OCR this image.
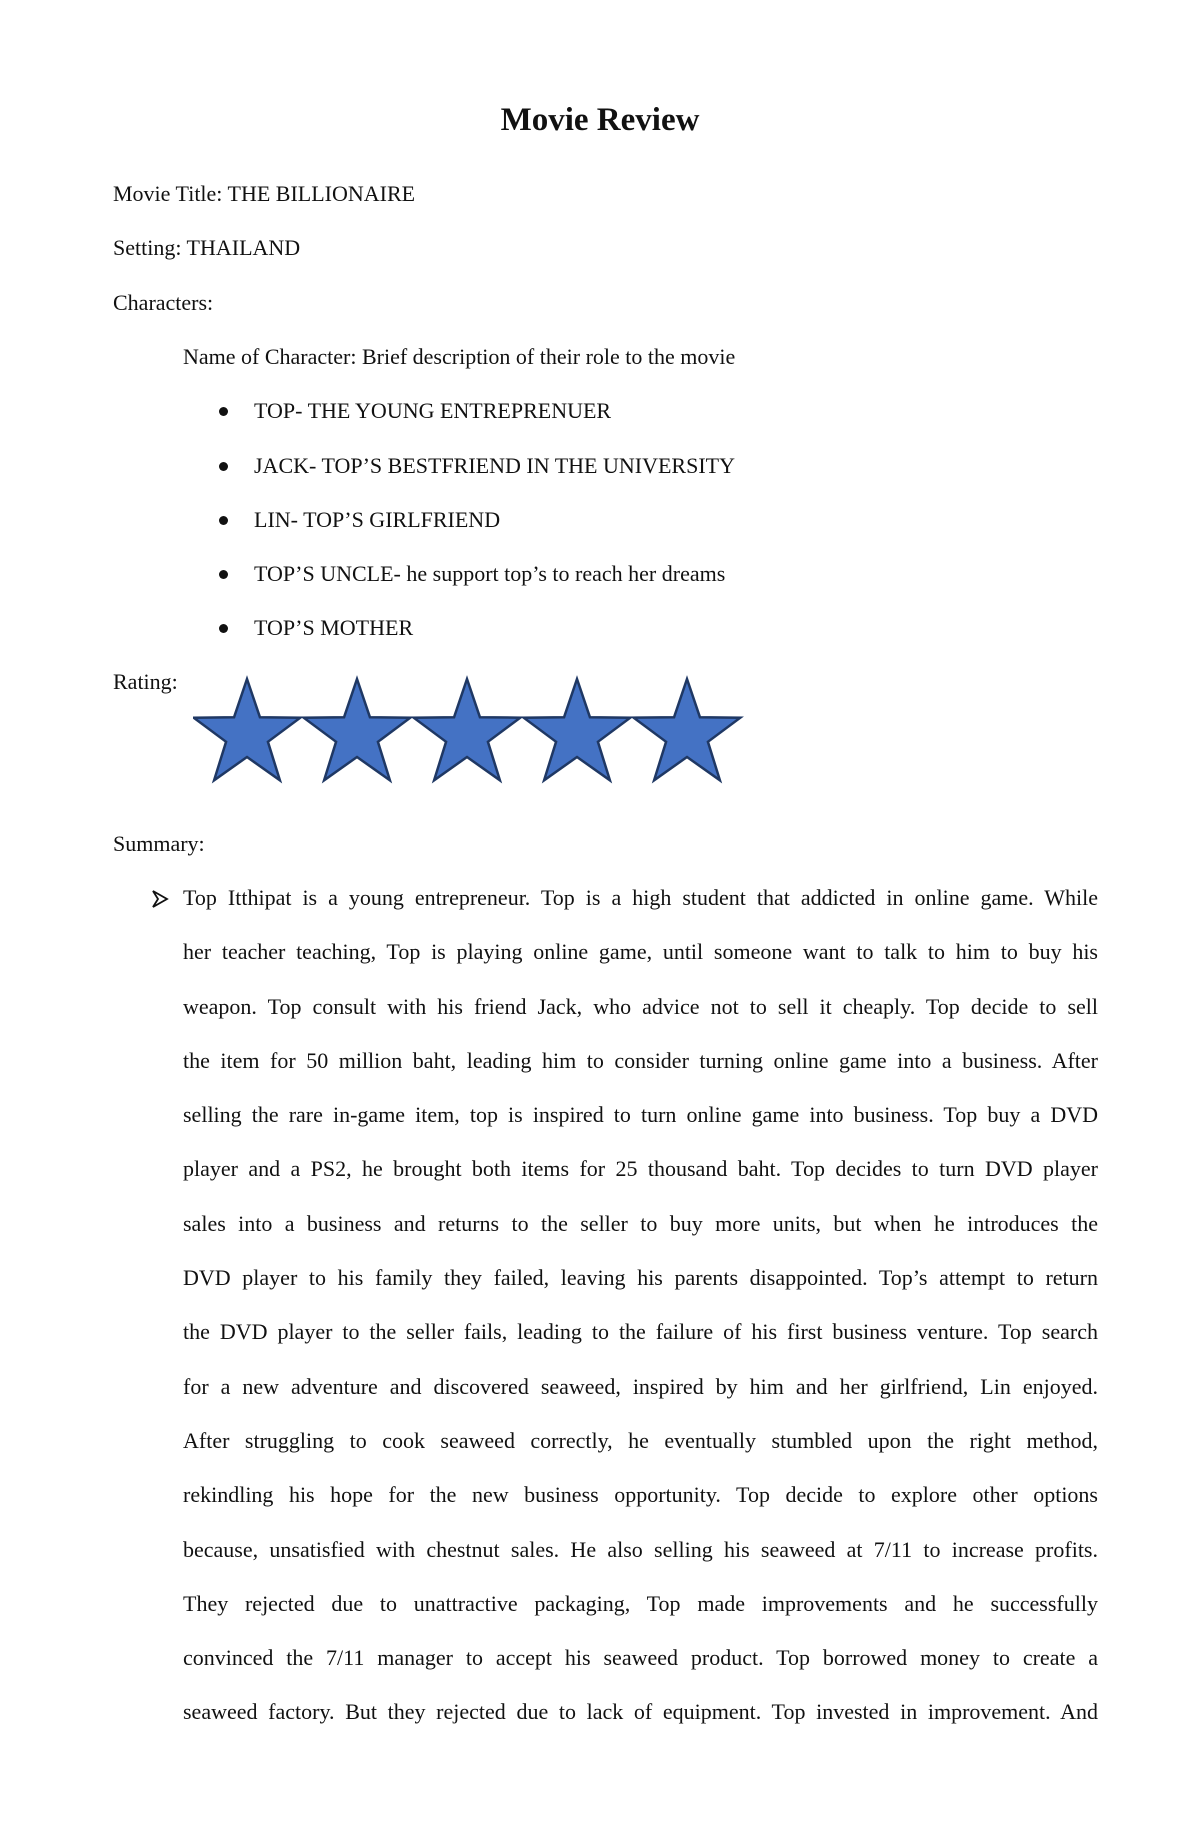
Movie Review
Movie Title: THE BILLIONAIRE
Setting: THAILAND
Characters:
Name of Character: Brief description of their role to the movie
TOP- THE YOUNG ENTREPRENUER
JACK- TOP’S BESTFRIEND IN THE UNIVERSITY
LIN- TOP’S GIRLFRIEND
TOP’S UNCLE- he support top’s to reach her dreams
TOP’S MOTHER
Rating:
Summary:
Top Itthipat is a young entrepreneur. Top is a high student that addicted in online game. While
her teacher teaching, Top is playing online game, until someone want to talk to him to buy his
weapon. Top consult with his friend Jack, who advice not to sell it cheaply. Top decide to sell
the item for 50 million baht, leading him to consider turning online game into a business. After
selling the rare in-game item, top is inspired to turn online game into business. Top buy a DVD
player and a PS2, he brought both items for 25 thousand baht. Top decides to turn DVD player
sales into a business and returns to the seller to buy more units, but when he introduces the
DVD player to his family they failed, leaving his parents disappointed. Top’s attempt to return
the DVD player to the seller fails, leading to the failure of his first business venture. Top search
for a new adventure and discovered seaweed, inspired by him and her girlfriend, Lin enjoyed.
After struggling to cook seaweed correctly, he eventually stumbled upon the right method,
rekindling his hope for the new business opportunity. Top decide to explore other options
because, unsatisfied with chestnut sales. He also selling his seaweed at 7/11 to increase profits.
They rejected due to unattractive packaging, Top made improvements and he successfully
convinced the 7/11 manager to accept his seaweed product. Top borrowed money to create a
seaweed factory. But they rejected due to lack of equipment. Top invested in improvement. And
